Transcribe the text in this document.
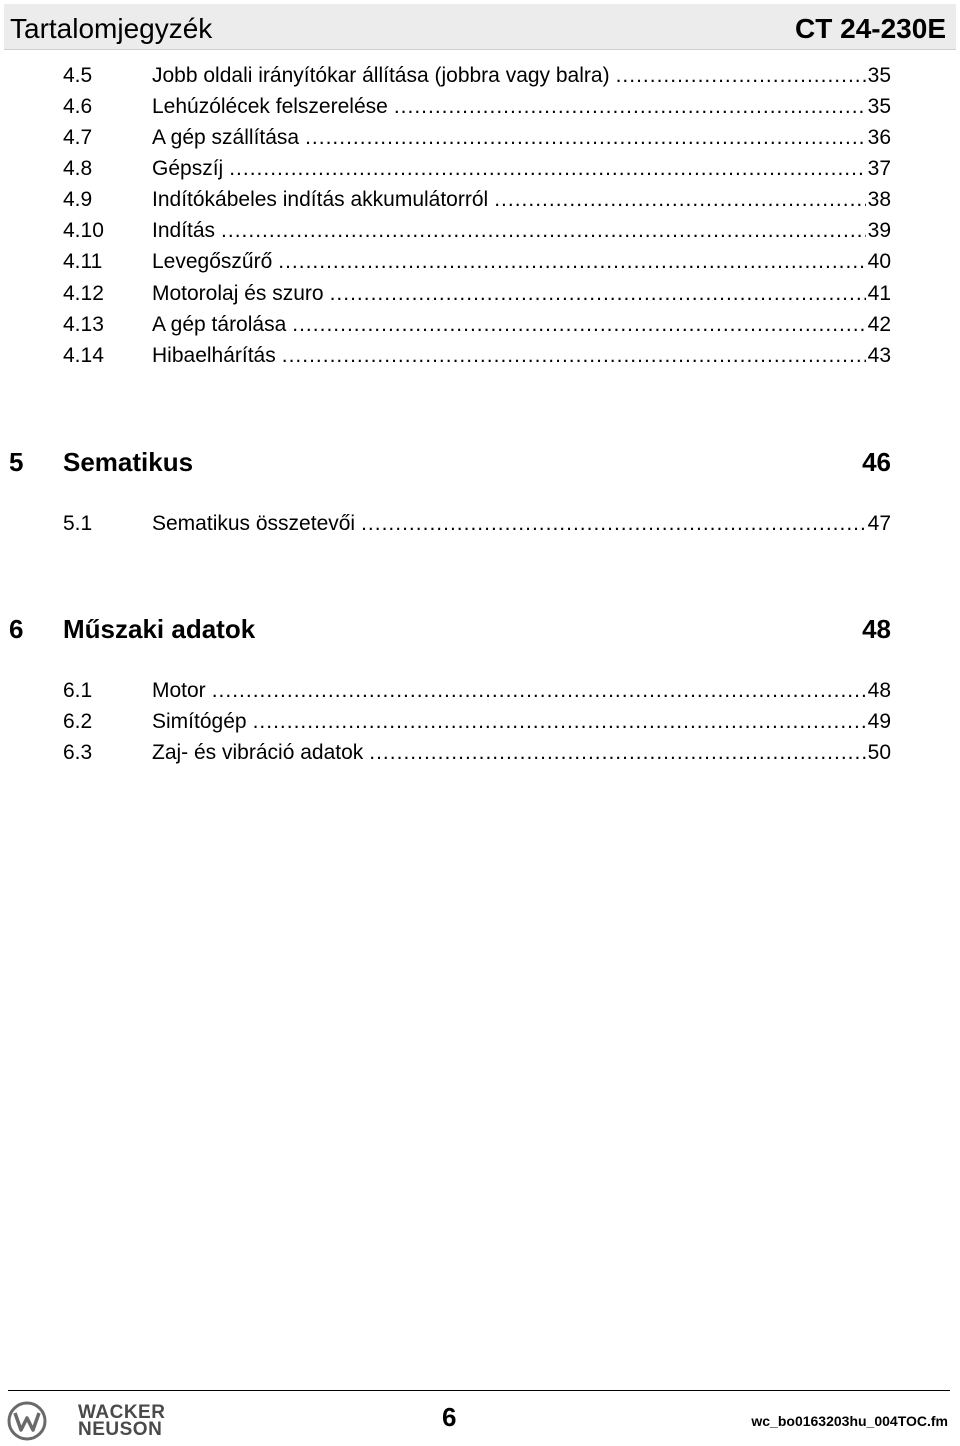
Tartalomjegyzék	CT 24-230E
4.5	Jobb oldali irányítókar állítása (jobbra vagy balra) .....	35
4.6	Lehúzólécek felszerelése .....	35
4.7	A gép szállítása .....	36
4.8	Gépszíj .....	37
4.9	Indítókábeles indítás akkumulátorról .....	38
4.10 Indítás .....	39
4.11 Levegőszűrő .....	40
4.12 Motorolaj és szuro .....	41
4.13 A gép tárolása .....	42
4.14 Hibaelhárítás .....	43
5 Sematikus	46
5.1	Sematikus összetevői .....	47
6 Műszaki adatok	48
6.1	Motor .....	48
6.2	Simítógép .....	49
6.3	Zaj- és vibráció adatok .....	50
WACKER
NEUSON	6	wc_bo0163203hu_004TOC.fm
